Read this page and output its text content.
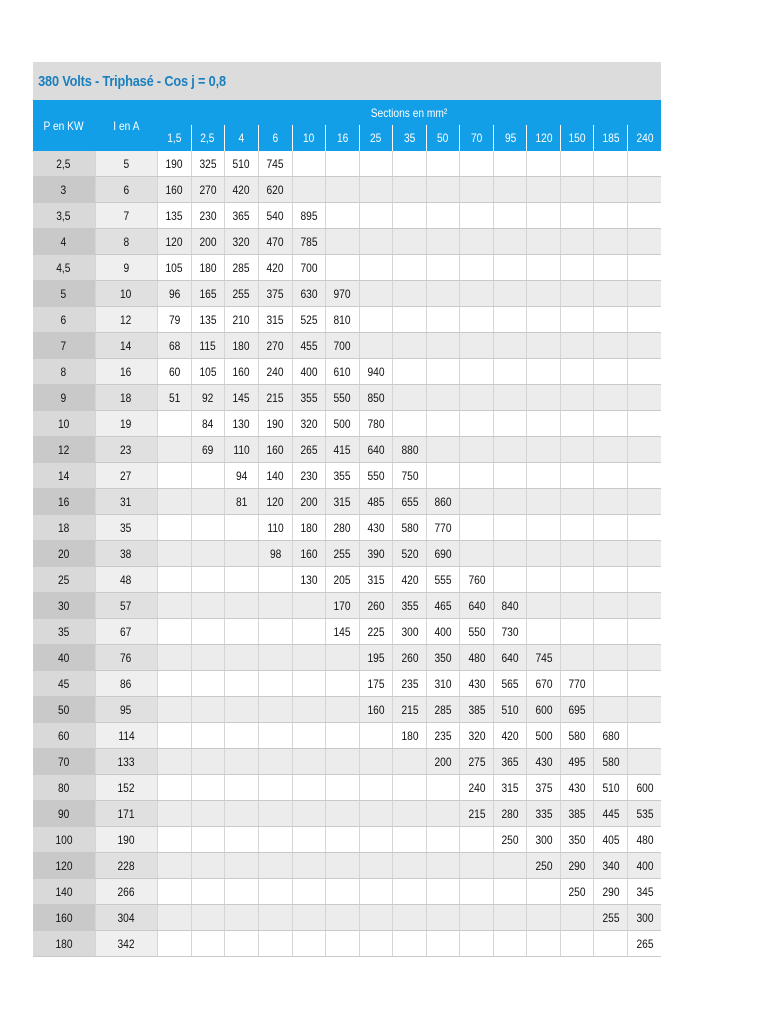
380 Volts - Triphasé - Cos j = 0,8
P en KW	I en A	Sections en mm²														
		1,5	2,5	4	6	10	16	25	35	50	70	95	120	150	185	240
2,5	5	190	325	510	745											
3	6	160	270	420	620											
3,5	7	135	230	365	540	895										
4	8	120	200	320	470	785										
4,5	9	105	180	285	420	700										
5	10	96	165	255	375	630	970									
6	12	79	135	210	315	525	810									
7	14	68	115	180	270	455	700									
8	16	60	105	160	240	400	610	940								
9	18	51	92	145	215	355	550	850								
10	19		84	130	190	320	500	780								
12	23		69	110	160	265	415	640	880							
14	27			94	140	230	355	550	750							
16	31			81	120	200	315	485	655	860						
18	35				110	180	280	430	580	770						
20	38				98	160	255	390	520	690						
25	48					130	205	315	420	555	760					
30	57						170	260	355	465	640	840				
35	67						145	225	300	400	550	730				
40	76							195	260	350	480	640	745			
45	86							175	235	310	430	565	670	770		
50	95							160	215	285	385	510	600	695		
60	114								180	235	320	420	500	580	680	
70	133									200	275	365	430	495	580	
80	152										240	315	375	430	510	600
90	171										215	280	335	385	445	535
100	190											250	300	350	405	480
120	228												250	290	340	400
140	266													250	290	345
160	304														255	300
180	342															265
